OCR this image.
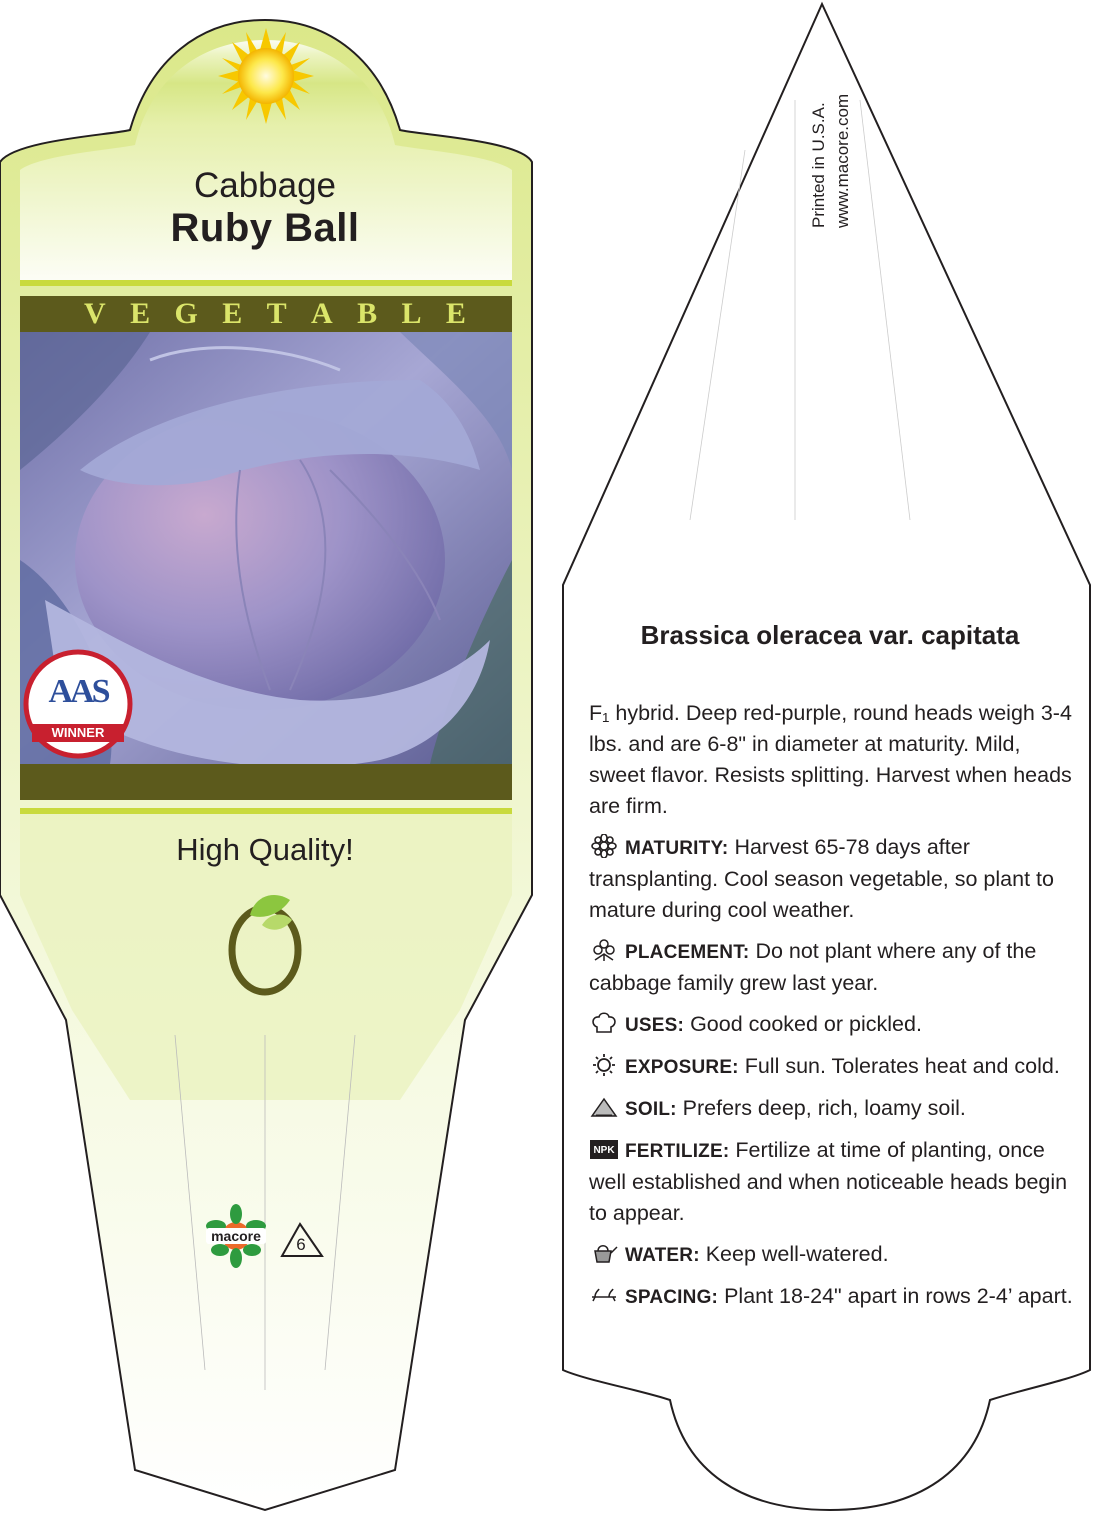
Cabbage
Ruby Ball
V E G E T A B L E
AAS
WINNER
High Quality!
macore 6
Printed in U.S.A. www.macore.com
Brassica oleracea var. capitata

F₁ hybrid. Deep red-purple, round heads weigh 3-4 lbs. and are 6-8" in diameter at maturity. Mild, sweet flavor. Resists splitting. Harvest when heads are firm.

MATURITY: Harvest 65-78 days after transplanting. Cool season vegetable, so plant to mature during cool weather.

PLACEMENT: Do not plant where any of the cabbage family grew last year.

USES: Good cooked or pickled.

EXPOSURE: Full sun. Tolerates heat and cold.

SOIL: Prefers deep, rich, loamy soil.

NPK FERTILIZE: Fertilize at time of planting, once well established and when noticeable heads begin to appear.

WATER: Keep well-watered.

SPACING: Plant 18-24" apart in rows 2-4’ apart.
